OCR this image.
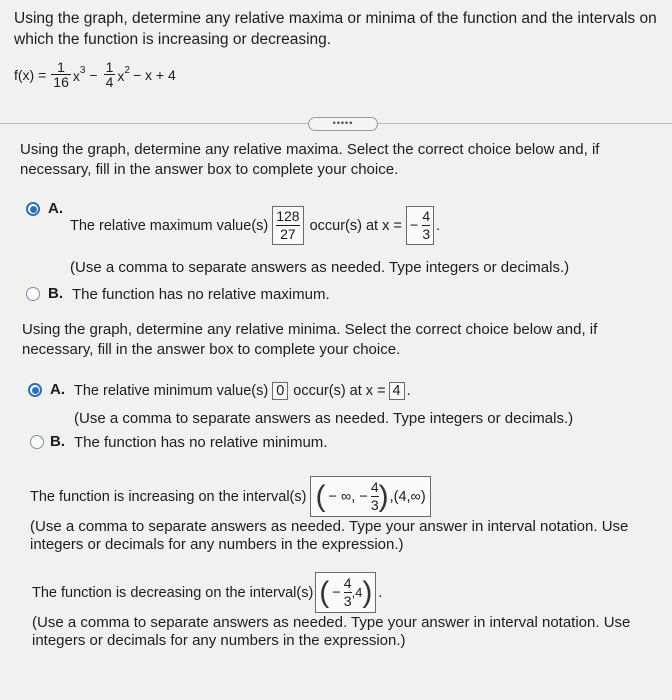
Using the graph, determine any relative maxima or minima of the function and the intervals on which the function is increasing or decreasing.
$f(x) = \frac{1}{16} x^3 - \frac{1}{4} x^2 - x + 4$
•••••
Using the graph, determine any relative maxima. Select the correct choice below and, if necessary, fill in the answer box to complete your choice.
A.
The relative maximum value(s) $\frac{128}{27}$ occur(s) at x = − $\frac{4}{3}$ .
(Use a comma to separate answers as needed. Type integers or decimals.)
B. The function has no relative maximum.
Using the graph, determine any relative minima. Select the correct choice below and, if necessary, fill in the answer box to complete your choice.
A. The relative minimum value(s) 0 occur(s) at x = 4 .
(Use a comma to separate answers as needed. Type integers or decimals.)
B. The function has no relative minimum.
The function is increasing on the interval(s) ( − ∞, − $\frac{4}{3}$ ) ,(4,∞)
(Use a comma to separate answers as needed. Type your answer in interval notation. Use integers or decimals for any numbers in the expression.)
The function is decreasing on the interval(s) ( − $\frac{4}{3} ,4$ ) .
(Use a comma to separate answers as needed. Type your answer in interval notation. Use integers or decimals for any numbers in the expression.)
